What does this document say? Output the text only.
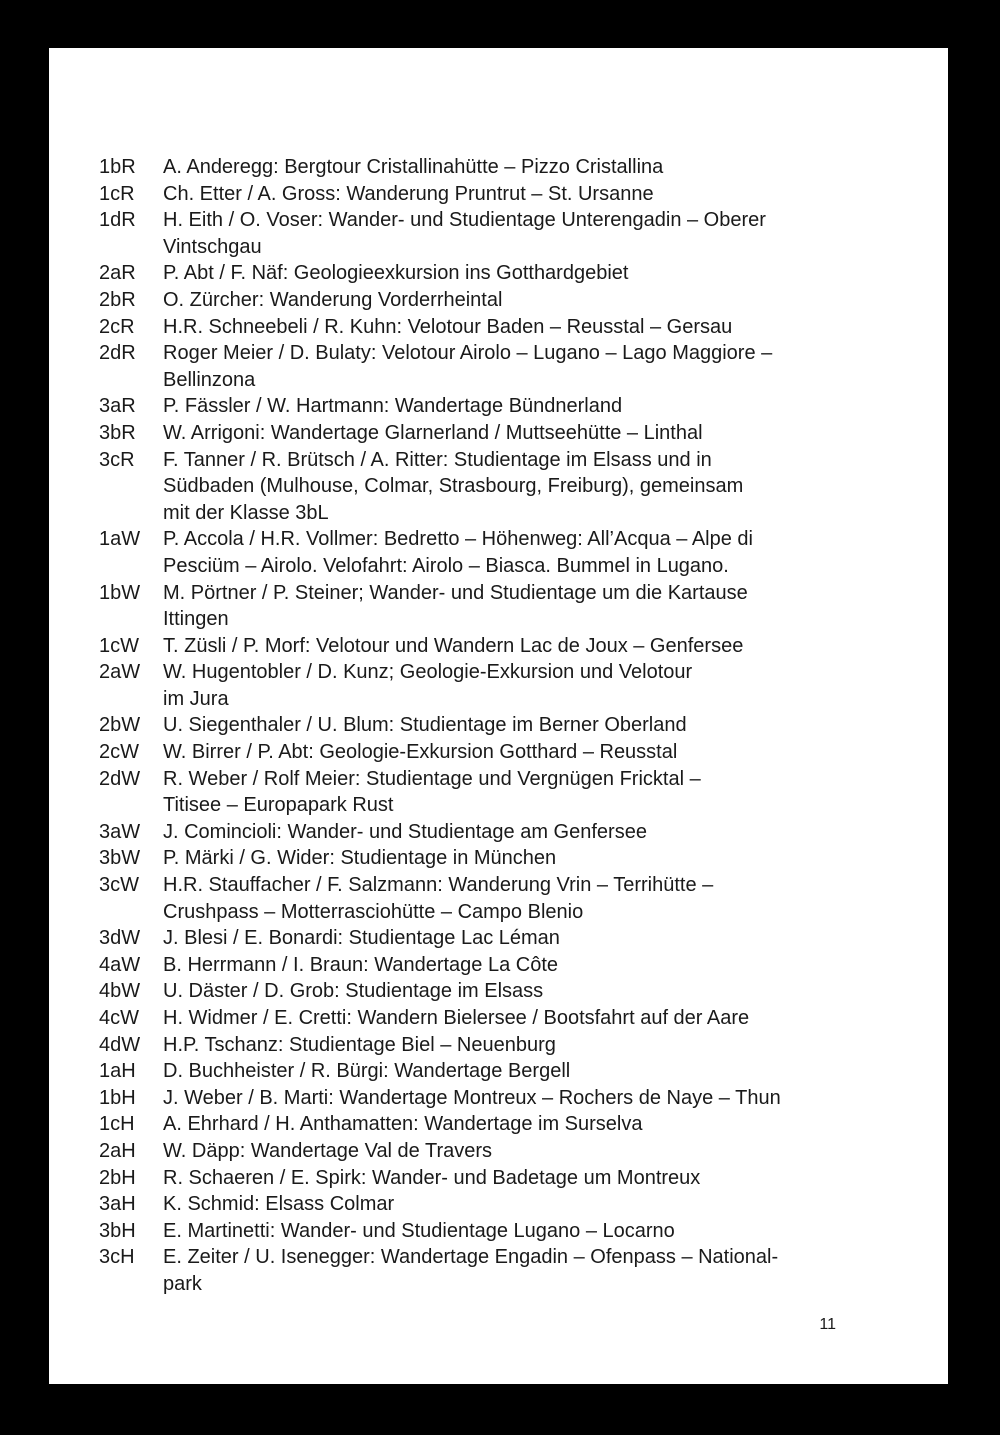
1bR	A. Anderegg: Bergtour Cristallinahütte – Pizzo Cristallina
1cR	Ch. Etter / A. Gross: Wanderung Pruntrut – St. Ursanne
1dR	H. Eith / O. Voser: Wander- und Studientage Unterengadin – Oberer
Vintschgau
2aR	P. Abt / F. Näf: Geologieexkursion ins Gotthardgebiet
2bR	O. Zürcher: Wanderung Vorderrheintal
2cR	H.R. Schneebeli / R. Kuhn: Velotour Baden – Reusstal – Gersau
2dR	Roger Meier / D. Bulaty: Velotour Airolo – Lugano – Lago Maggiore –
Bellinzona
3aR	P. Fässler / W. Hartmann: Wandertage Bündnerland
3bR	W. Arrigoni: Wandertage Glarnerland / Muttseehütte – Linthal
3cR	F. Tanner / R. Brütsch / A. Ritter: Studientage im Elsass und in
Südbaden (Mulhouse, Colmar, Strasbourg, Freiburg), gemeinsam
mit der Klasse 3bL
1aW	P. Accola / H.R. Vollmer: Bedretto – Höhenweg: All’Acqua – Alpe di
Pesciüm – Airolo. Velofahrt: Airolo – Biasca. Bummel in Lugano.
1bW	M. Pörtner / P. Steiner; Wander- und Studientage um die Kartause
Ittingen
1cW	T. Züsli / P. Morf: Velotour und Wandern Lac de Joux – Genfersee
2aW	W. Hugentobler / D. Kunz; Geologie-Exkursion und Velotour
im Jura
2bW	U. Siegenthaler / U. Blum: Studientage im Berner Oberland
2cW	W. Birrer / P. Abt: Geologie-Exkursion Gotthard – Reusstal
2dW	R. Weber / Rolf Meier: Studientage und Vergnügen Fricktal –
Titisee – Europapark Rust
3aW	J. Comincioli: Wander- und Studientage am Genfersee
3bW	P. Märki / G. Wider: Studientage in München
3cW	H.R. Stauffacher / F. Salzmann: Wanderung Vrin – Terrihütte –
Crushpass – Motterrasciohütte – Campo Blenio
3dW	J. Blesi / E. Bonardi: Studientage Lac Léman
4aW	B. Herrmann / I. Braun: Wandertage La Côte
4bW	U. Däster / D. Grob: Studientage im Elsass
4cW	H. Widmer / E. Cretti: Wandern Bielersee / Bootsfahrt auf der Aare
4dW	H.P. Tschanz: Studientage Biel – Neuenburg
1aH	D. Buchheister / R. Bürgi: Wandertage Bergell
1bH	J. Weber / B. Marti: Wandertage Montreux – Rochers de Naye – Thun
1cH	A. Ehrhard / H. Anthamatten: Wandertage im Surselva
2aH	W. Däpp: Wandertage Val de Travers
2bH	R. Schaeren / E. Spirk: Wander- und Badetage um Montreux
3aH	K. Schmid: Elsass Colmar
3bH	E. Martinetti: Wander- und Studientage Lugano – Locarno
3cH	E. Zeiter / U. Isenegger: Wandertage Engadin – Ofenpass – National-
park
11
